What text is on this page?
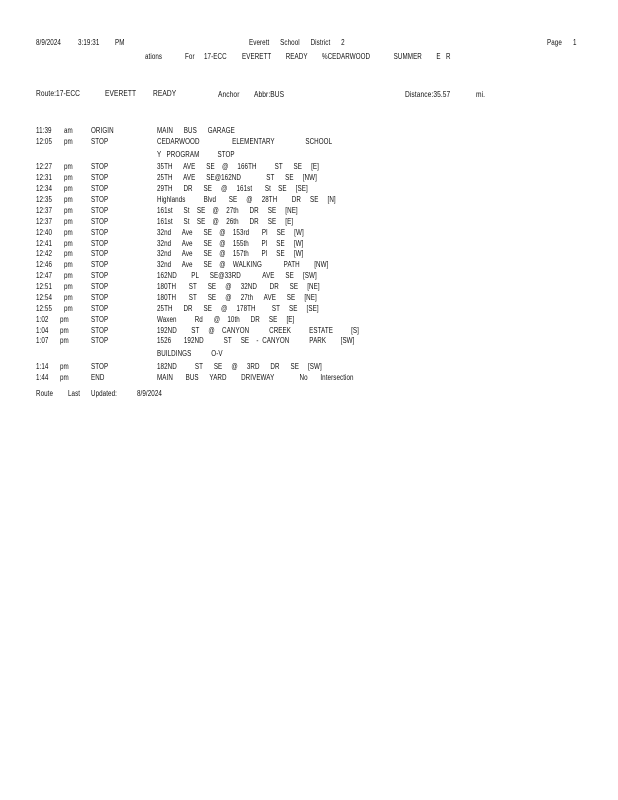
8/9/2024 3:19:31 PM	Everett      School      District      2	Page 1
ations	For 17-ECC EVERETT        READY        %CEDARWOOD             SUMMER        E   R
Route:17-ECC	EVERETT READY	Anchor Abbr:BUS	Distance:35.57	mi.
11:39 am ORIGIN	MAIN      BUS      GARAGE
12:05 pm STOP	CEDARWOOD                  ELEMENTARY                 SCHOOL
Y   PROGRAM          STOP
12:27 pm STOP	35TH      AVE      SE    @     166TH          ST      SE     [E]
12:31 pm STOP	25TH      AVE      SE@162ND              ST      SE     [NW]
12:34 pm STOP	29TH      DR      SE     @     161st       St    SE     [SE]
12:35 pm STOP	Highlands          Blvd       SE     @     28TH        DR     SE     [N]
12:37 pm STOP	161st      St    SE    @    27th      DR     SE     [NE]
12:37 pm STOP	161st      St    SE    @    26th      DR     SE     [E]
12:40 pm STOP	32nd      Ave      SE    @    153rd       Pl     SE     [W]
12:41 pm STOP	32nd      Ave      SE    @    155th       Pl     SE     [W]
12:42 pm STOP	32nd      Ave      SE    @    157th       Pl     SE     [W]
12:46 pm STOP	32nd      Ave      SE    @    WALKING            PATH        [NW]
12:47 pm STOP	162ND        PL      SE@33RD            AVE      SE     [SW]
12:51 pm STOP	180TH       ST      SE     @     32ND       DR      SE     [NE]
12:54 pm STOP	180TH       ST      SE     @     27th      AVE      SE     [NE]
12:55 pm STOP	25TH      DR      SE     @     178TH         ST     SE     [SE]
1:02 pm	STOP	Waxen          Rd      @    10th      DR     SE     [E]
1:04 pm	STOP	192ND        ST     @    CANYON           CREEK          ESTATE          [S]
1:07 pm	STOP	1526       192ND           ST     SE    -  CANYON           PARK        [SW]
BUILDINGS           O-V
1:14 pm	STOP	182ND          ST      SE     @     3RD      DR      SE     [SW]
1:44 pm	END	MAIN       BUS      YARD        DRIVEWAY              No       Intersection
Route Last Updated:	8/9/2024
